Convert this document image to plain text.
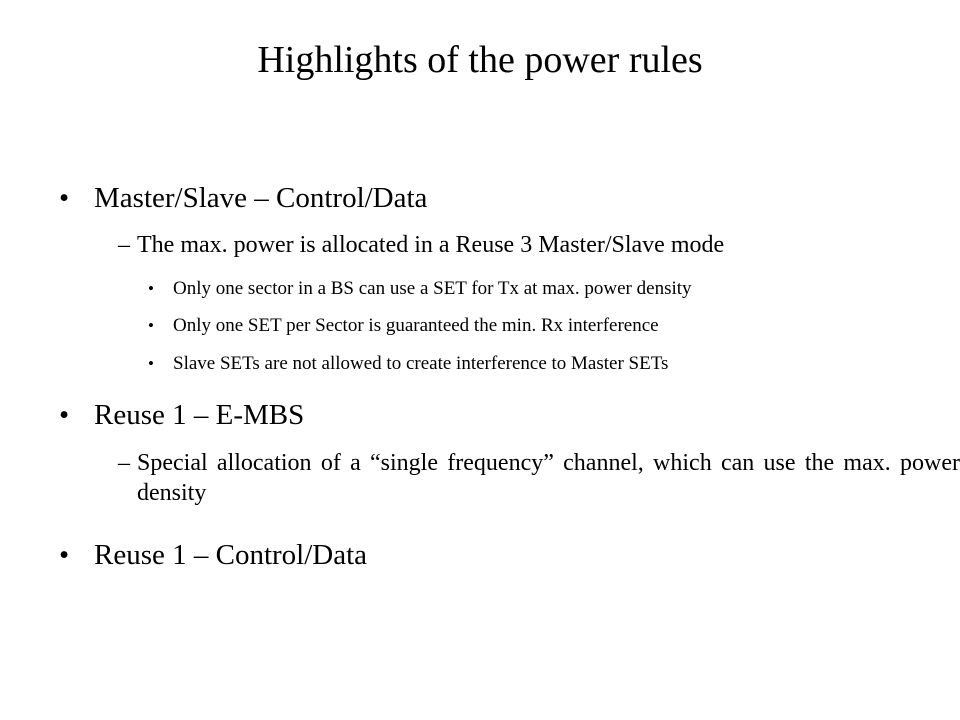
Highlights of the power rules
• Master/Slave – Control/Data
– The max. power is allocated in a Reuse 3 Master/Slave mode
• Only one sector in a BS can use a SET for Tx at max. power density
• Only one SET per Sector is guaranteed the min. Rx interference
• Slave SETs are not allowed to create interference to Master SETs
• Reuse 1 – E-MBS
– Special allocation of a “single frequency” channel, which can use the max. power density
• Reuse 1 – Control/Data
